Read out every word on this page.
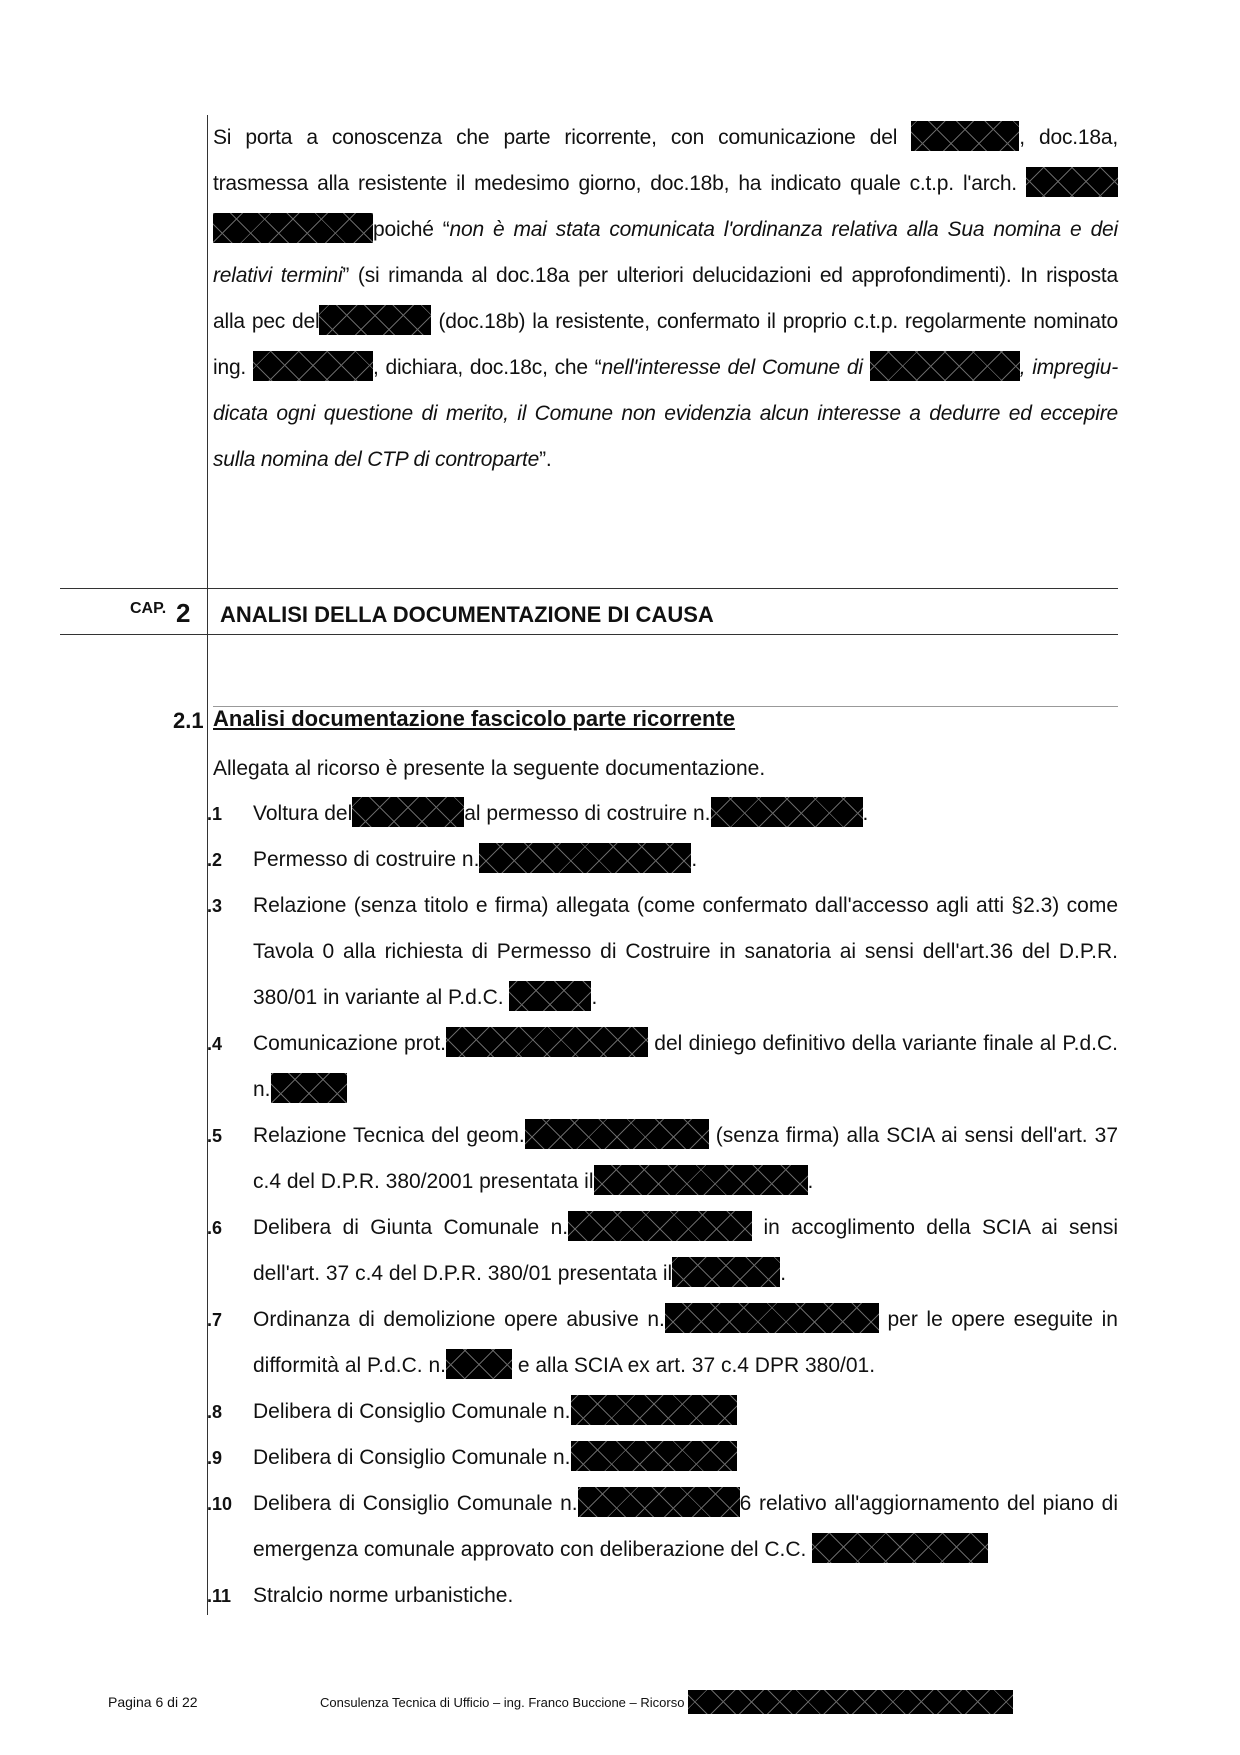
Si porta a conoscenza che parte ricorrente, con comunicazione del	, doc.18a, trasmessa alla resistente il medesimo giorno, doc.18b, ha indicato quale c.t.p. l'arch.  poiché “non è mai stata comunicata l'ordinanza relativa alla Sua nomina e dei relativi termini” (si rimanda al doc.18a per ulteriori delucidazioni ed approfondimenti). In risposta alla pec del	(doc.18b) la resistente, confermato il proprio c.t.p. regolarmente nominato ing.	, dichiara, doc.18c, che “nell'interesse del Comune di	, impregiu- dicata ogni questione di merito, il Comune non evidenzia alcun interesse a dedurre ed eccepire sulla nomina del CTP di controparte”.
CAP. 2 ANALISI DELLA DOCUMENTAZIONE DI CAUSA
2.1 Analisi documentazione fascicolo parte ricorrente
Allegata al ricorso è presente la seguente documentazione.
.1 Voltura del	al permesso di costruire n.	.
.2 Permesso di costruire n.	.
.3 Relazione (senza titolo e firma) allegata (come confermato dall'accesso agli atti §2.3) come Tavola 0 alla richiesta di Permesso di Costruire in sanatoria ai sensi dell'art.36 del D.P.R. 380/01 in variante al P.d.C.	.
.4 Comunicazione prot.	del diniego definitivo della variante finale al P.d.C. n.
.5 Relazione Tecnica del geom.	(senza firma) alla SCIA ai sensi dell'art. 37 c.4 del D.P.R. 380/2001 presentata il	.
.6 Delibera di Giunta Comunale n.	in accoglimento della SCIA ai sensi dell'art. 37 c.4 del D.P.R. 380/01 presentata il	.
.7 Ordinanza di demolizione opere abusive n.	per le opere eseguite in difformità al P.d.C. n.	e alla SCIA ex art. 37 c.4 DPR 380/01.
.8 Delibera di Consiglio Comunale n.
.9 Delibera di Consiglio Comunale n.
.10 Delibera di Consiglio Comunale n.	6 relativo all'aggiornamento del piano di emergenza comunale approvato con deliberazione del C.C.
.11 Stralcio norme urbanistiche.
Pagina 6 di 22	Consulenza Tecnica di Ufficio – ing. Franco Buccione – Ricorso
